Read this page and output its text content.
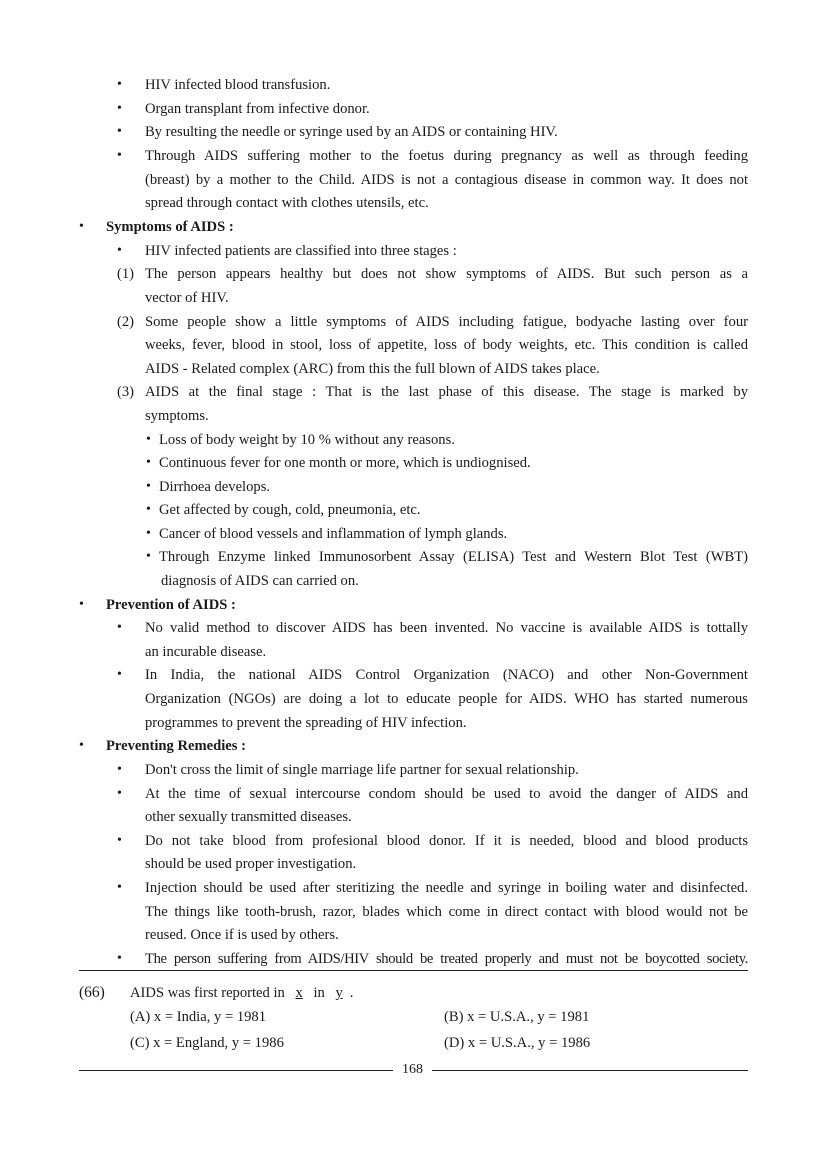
• HIV infected blood transfusion.
• Organ transplant from infective donor.
• By resulting the needle or syringe used by an AIDS or containing HIV.
• Through AIDS suffering mother to the foetus during pregnancy as well as through feeding
(breast) by a mother to the Child. AIDS is not a contagious disease in common way. It does not
spread through contact with clothes utensils, etc.
• Symptoms of AIDS :
• HIV infected patients are classified into three stages :
(1) The person appears healthy but does not show symptoms of AIDS. But such person as a
vector of HIV.
(2) Some people show a little symptoms of AIDS including fatigue, bodyache lasting over four
weeks, fever, blood in stool, loss of appetite, loss of body weights, etc. This condition is called
AIDS - Related complex (ARC) from this the full blown of AIDS takes place.
(3) AIDS at the final stage : That is the last phase of this disease. The stage is marked by
symptoms.
• Loss of body weight by 10 % without any reasons.
• Continuous fever for one month or more, which is undiognised.
• Dirrhoea develops.
• Get affected by cough, cold, pneumonia, etc.
• Cancer of blood vessels and inflammation of lymph glands.
• Through Enzyme linked Immunosorbent Assay (ELISA) Test and Western Blot Test (WBT)
diagnosis of AIDS can carried on.
• Prevention of AIDS :
• No valid method to discover AIDS has been invented. No vaccine is available AIDS is tottally
an incurable disease.
• In India, the national AIDS Control Organization (NACO) and other Non-Government
Organization (NGOs) are doing a lot to educate people for AIDS. WHO has started numerous
programmes to prevent the spreading of HIV infection.
• Preventing Remedies :
• Don't cross the limit of single marriage life partner for sexual relationship.
• At the time of sexual intercourse condom should be used to avoid the danger of AIDS and
other sexually transmitted diseases.
• Do not take blood from profesional blood donor. If it is needed, blood and blood products
should be used proper investigation.
• Injection should be used after steritizing the needle and syringe in boiling water and disinfected.
The things like tooth-brush, razor, blades which come in direct contact with blood would not be
reused. Once if is used by others.
• The person suffering from AIDS/HIV should be treated properly and must not be boycotted society.
(66) AIDS was first reported in x in y .
(A) x = India, y = 1981	(B) x = U.S.A., y = 1981
(C) x = England, y = 1986	(D) x = U.S.A., y = 1986
168
